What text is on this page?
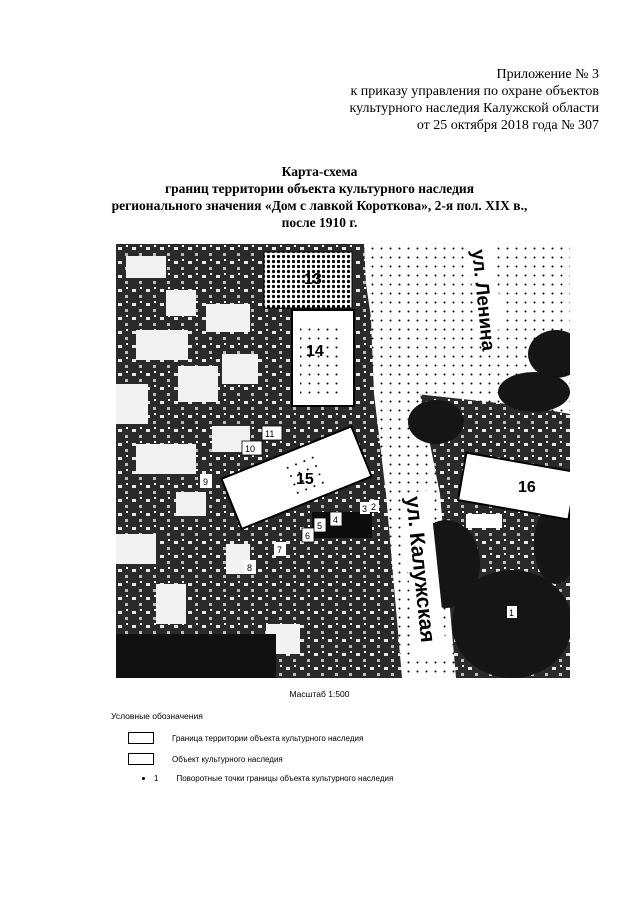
Приложение № 3
к приказу управления по охране объектов
культурного наследия Калужской области
от 25 октября 2018 года № 307
Карта-схема
границ территории объекта культурного наследия
регионального значения «Дом с лавкой Короткова», 2-я пол. XIX в.,
после 1910 г.
ул. Ленина
ул. Калужская
13
14
15	16
1
2
3
4
5
6
7
8
9
10
11
Масштаб 1:500
Условные обозначения
Граница территории объекта культурного наследия
Объект культурного наследия
1 Поворотные точки границы объекта культурного наследия
